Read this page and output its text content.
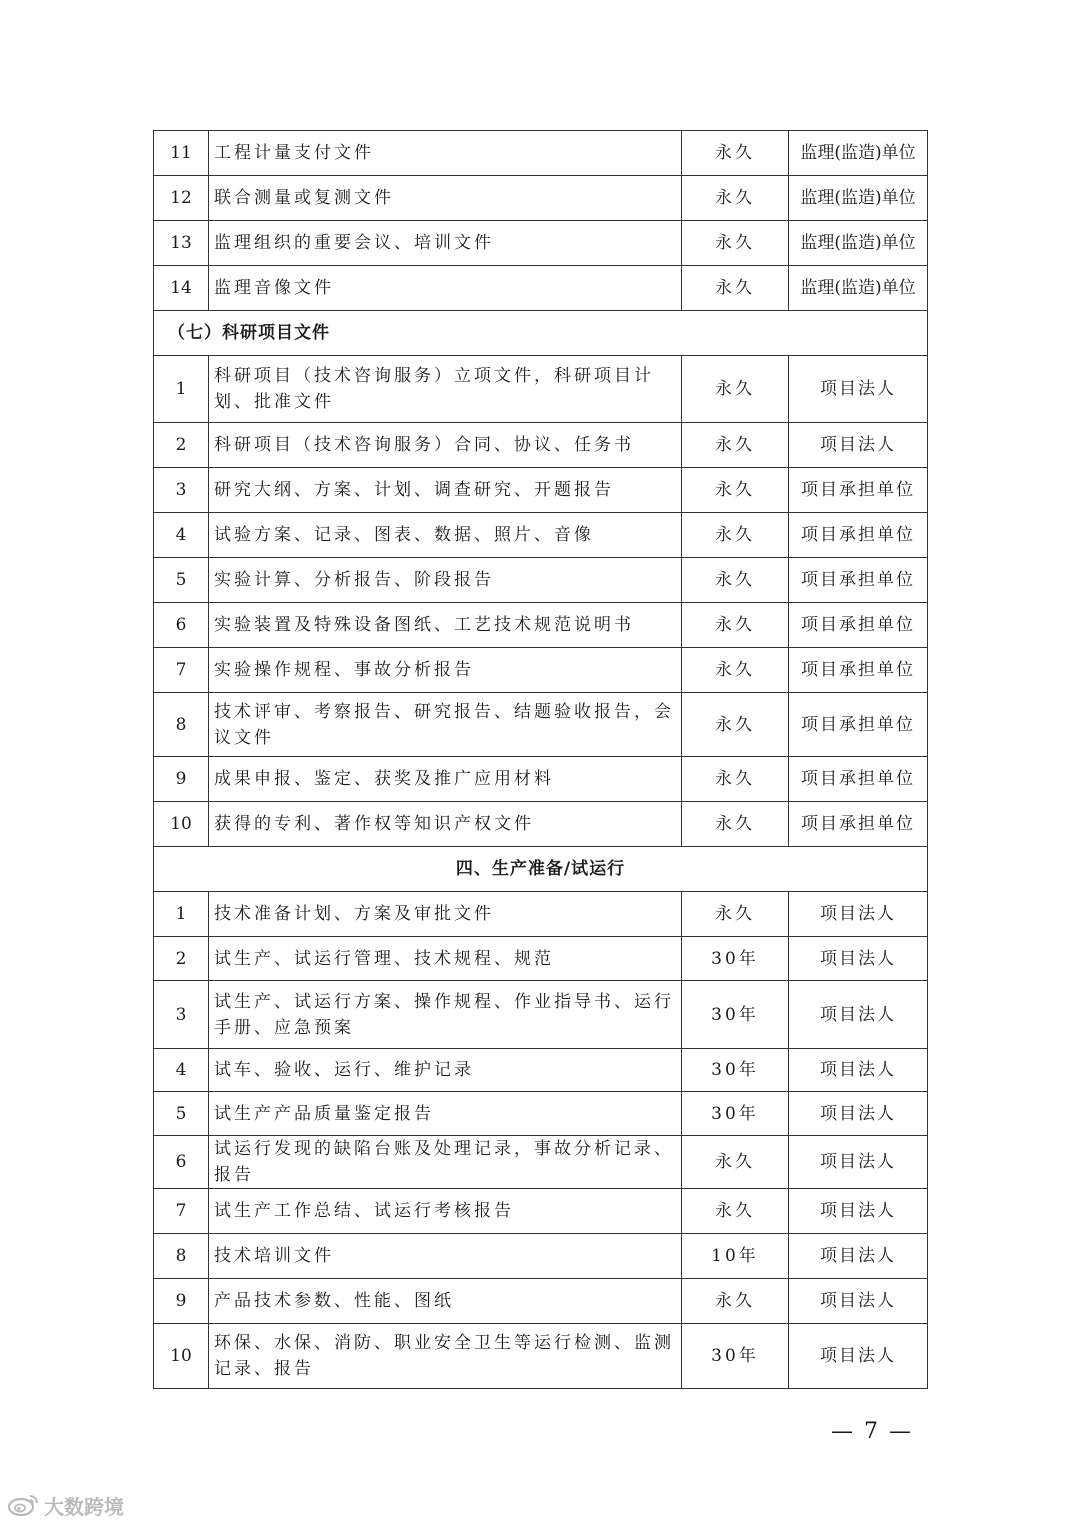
11	工程计量支付文件	永久	监理(监造)单位
12	联合测量或复测文件	永久	监理(监造)单位
13	监理组织的重要会议、培训文件	永久	监理(监造)单位
14	监理音像文件	永久	监理(监造)单位
（七）科研项目文件			
1	科研项目（技术咨询服务）立项文件，科研项目计划、批准文件	永久	项目法人
2	科研项目（技术咨询服务）合同、协议、任务书	永久	项目法人
3	研究大纲、方案、计划、调查研究、开题报告	永久	项目承担单位
4	试验方案、记录、图表、数据、照片、音像	永久	项目承担单位
5	实验计算、分析报告、阶段报告	永久	项目承担单位
6	实验装置及特殊设备图纸、工艺技术规范说明书	永久	项目承担单位
7	实验操作规程、事故分析报告	永久	项目承担单位
8	技术评审、考察报告、研究报告、结题验收报告，会议文件	永久	项目承担单位
9	成果申报、鉴定、获奖及推广应用材料	永久	项目承担单位
10	获得的专利、著作权等知识产权文件	永久	项目承担单位
四、生产准备/试运行			
1	技术准备计划、方案及审批文件	永久	项目法人
2	试生产、试运行管理、技术规程、规范	30年	项目法人
3	试生产、试运行方案、操作规程、作业指导书、运行手册、应急预案	30年	项目法人
4	试车、验收、运行、维护记录	30年	项目法人
5	试生产产品质量鉴定报告	30年	项目法人
6	试运行发现的缺陷台账及处理记录，事故分析记录、报告	永久	项目法人
7	试生产工作总结、试运行考核报告	永久	项目法人
8	技术培训文件	10年	项目法人
9	产品技术参数、性能、图纸	永久	项目法人
10	环保、水保、消防、职业安全卫生等运行检测、监测记录、报告	30年	项目法人
— 7 —
大数跨境
